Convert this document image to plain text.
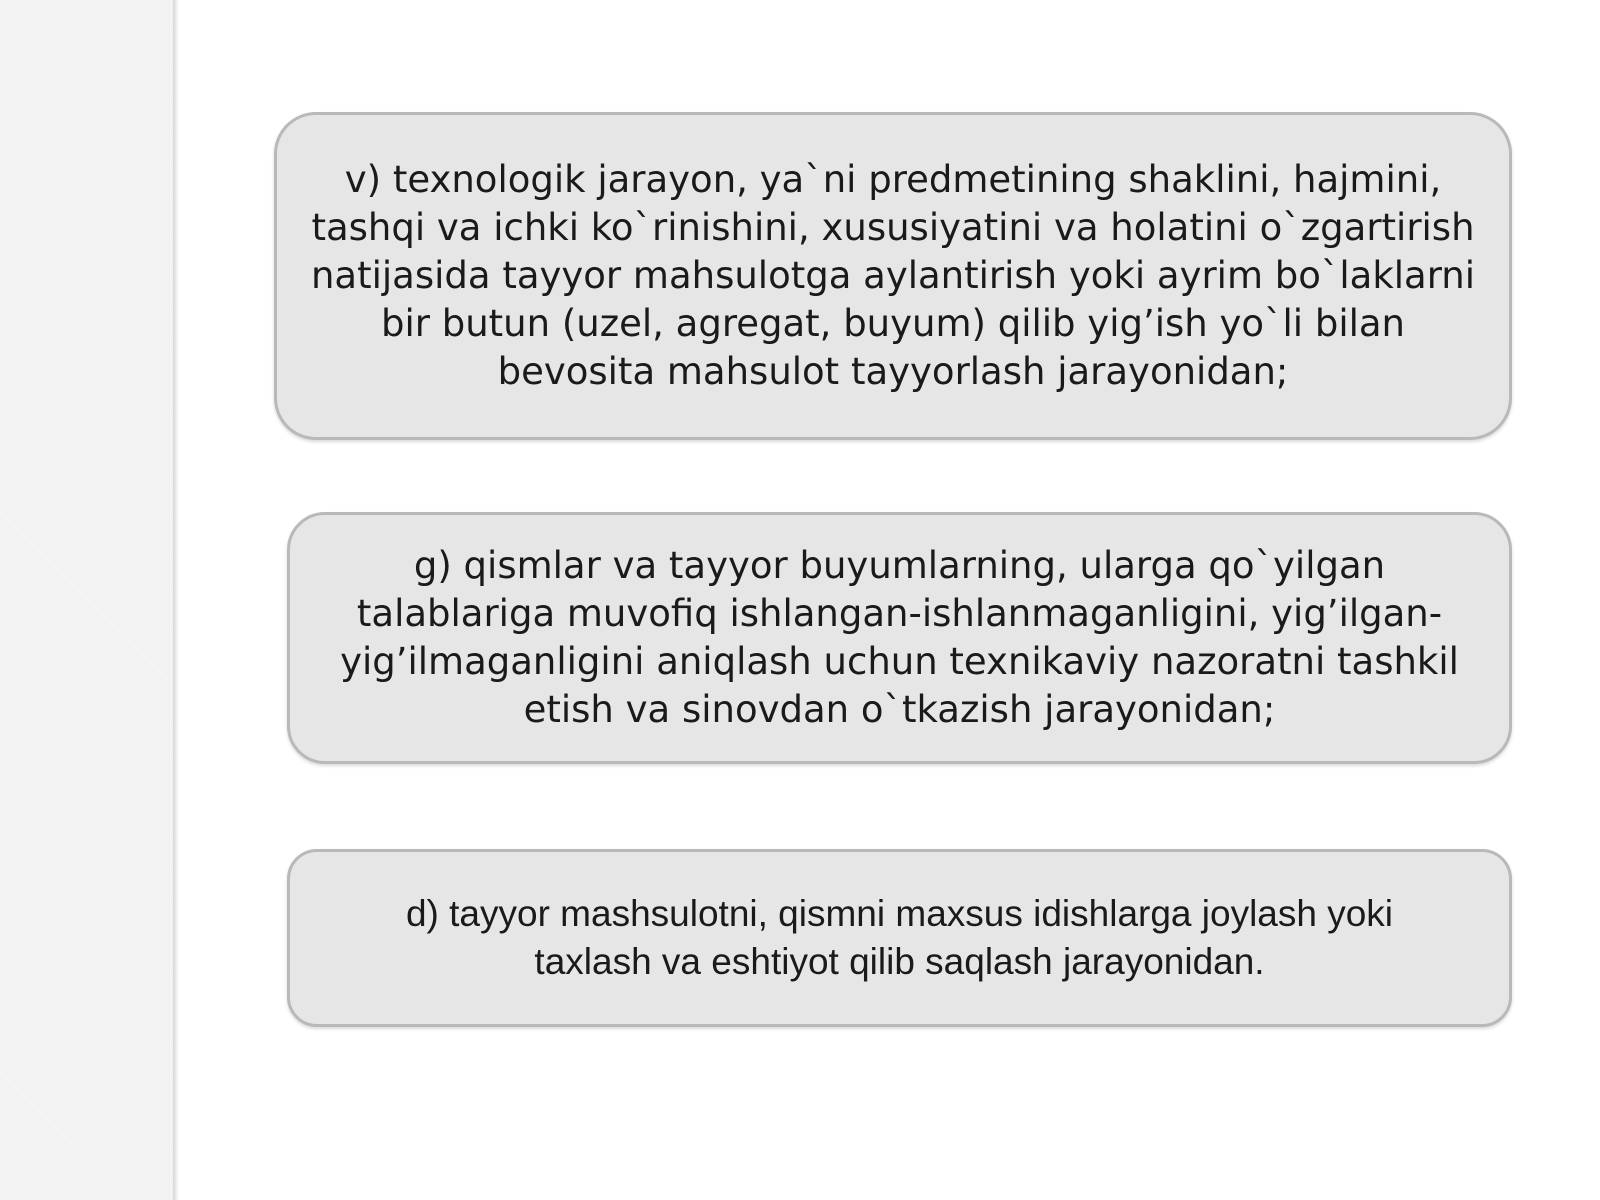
v) texnologik jarayon, ya`ni predmetining shaklini, hajmini,
tashqi va ichki ko`rinishini, xususiyatini va holatini o`zgartirish
natijasida tayyor mahsulotga aylantirish yoki ayrim bo`laklarni
bir butun (uzel, agregat, buyum) qilib yig’ish yo`li bilan
bevosita mahsulot tayyorlash jarayonidan;

g) qismlar va tayyor buyumlarning, ularga qo`yilgan
talablariga muvofiq ishlangan-ishlanmaganligini, yig’ilgan-
yig’ilmaganligini aniqlash uchun texnikaviy nazoratni tashkil
etish va sinovdan o`tkazish jarayonidan;

d) tayyor mashsulotni, qismni maxsus idishlarga joylash yoki
taxlash va eshtiyot qilib saqlash jarayonidan.
